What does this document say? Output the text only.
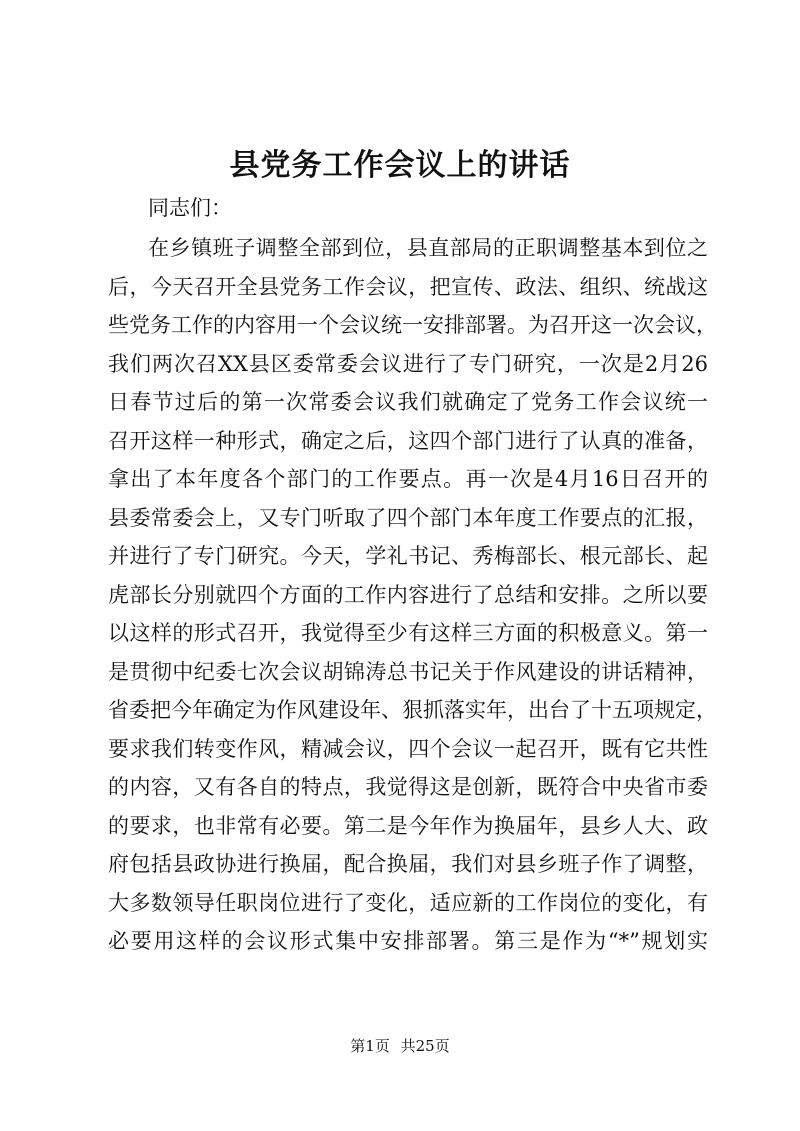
县党务工作会议上的讲话

同志们：

在乡镇班子调整全部到位，县直部局的正职调整基本到位之
后，今天召开全县党务工作会议，把宣传、政法、组织、统战这
些党务工作的内容用一个会议统一安排部署。为召开这一次会议，
我们两次召XX县区委常委会议进行了专门研究，一次是2月26
日春节过后的第一次常委会议我们就确定了党务工作会议统一
召开这样一种形式，确定之后，这四个部门进行了认真的准备，
拿出了本年度各个部门的工作要点。再一次是4月16日召开的
县委常委会上，又专门听取了四个部门本年度工作要点的汇报，
并进行了专门研究。今天，学礼书记、秀梅部长、根元部长、起
虎部长分别就四个方面的工作内容进行了总结和安排。之所以要
以这样的形式召开，我觉得至少有这样三方面的积极意义。第一
是贯彻中纪委七次会议胡锦涛总书记关于作风建设的讲话精神，
省委把今年确定为作风建设年、狠抓落实年，出台了十五项规定，
要求我们转变作风，精减会议，四个会议一起召开，既有它共性
的内容，又有各自的特点，我觉得这是创新，既符合中央省市委
的要求，也非常有必要。第二是今年作为换届年，县乡人大、政
府包括县政协进行换届，配合换届，我们对县乡班子作了调整，
大多数领导任职岗位进行了变化，适应新的工作岗位的变化，有
必要用这样的会议形式集中安排部署。第三是作为“*”规划实
第1页 共25页
